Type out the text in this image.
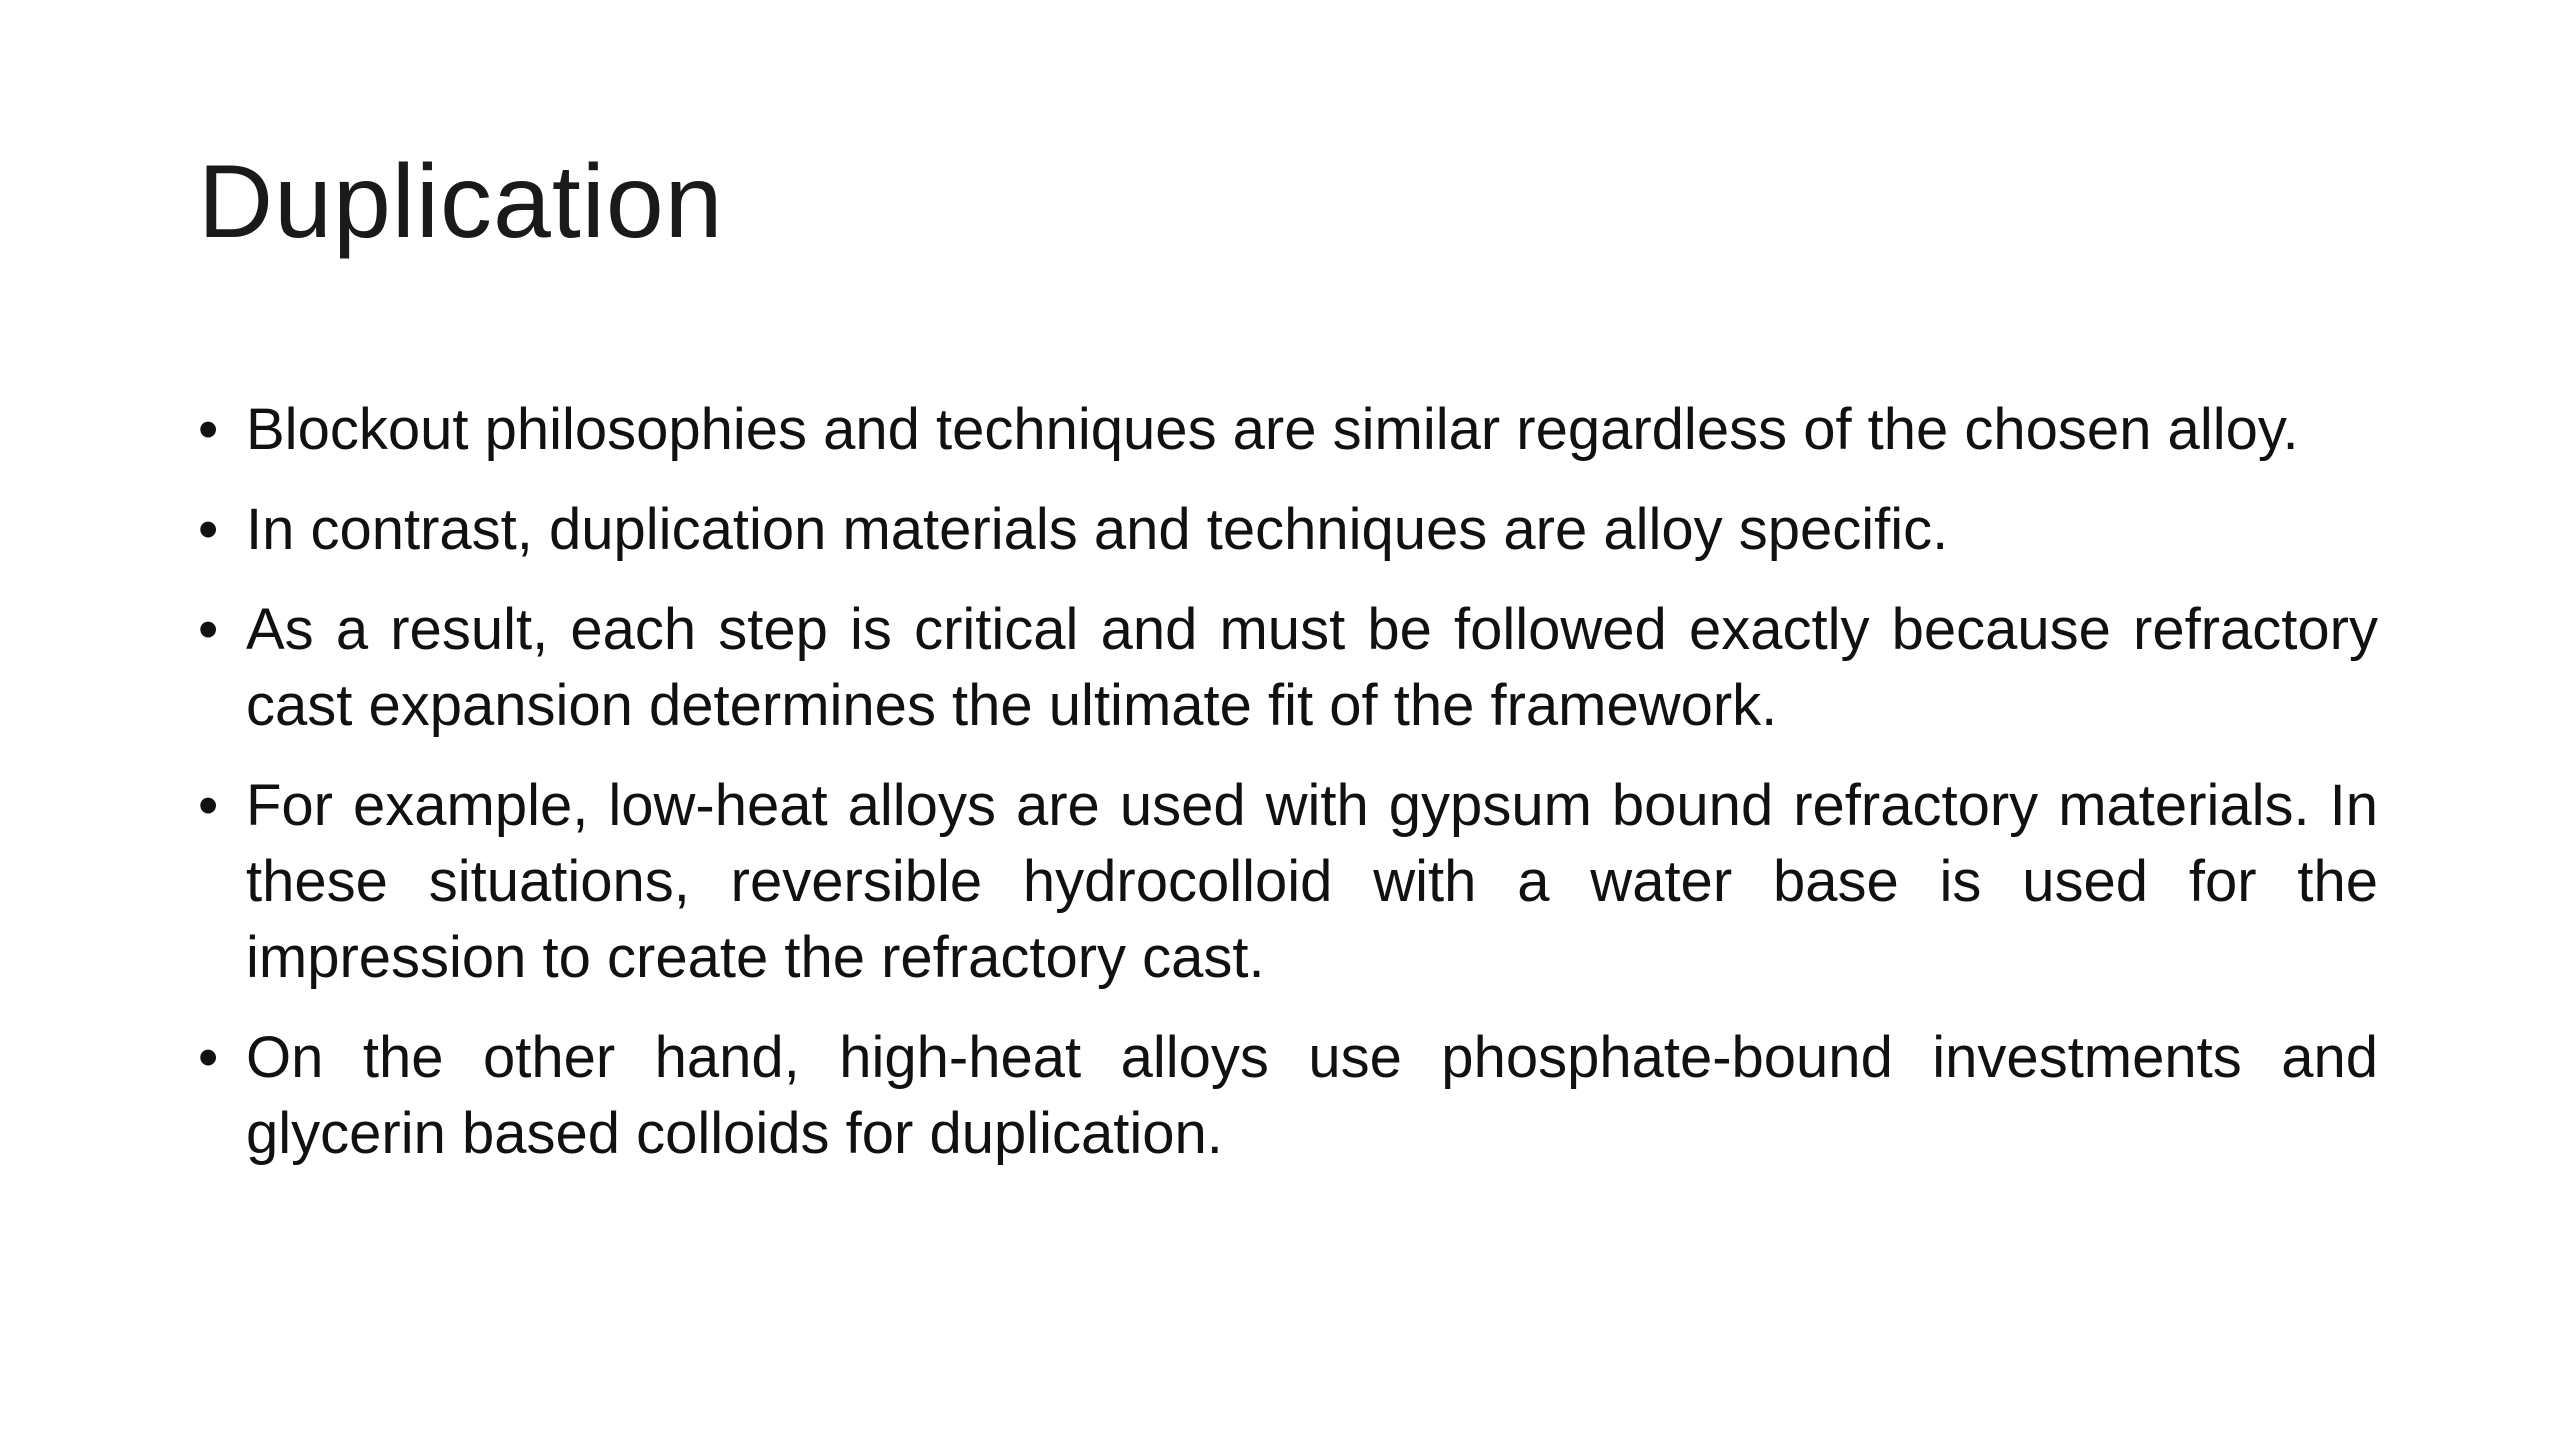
Duplication
• Blockout philosophies and techniques are similar regardless of the chosen alloy.
• In contrast, duplication materials and techniques are alloy specific.
• As a result, each step is critical and must be followed exactly because refractory cast expansion determines the ultimate fit of the framework.
• For example, low-heat alloys are used with gypsum bound refractory materials. In these situations, reversible hydrocolloid with a water base is used for the impression to create the refractory cast.
• On the other hand, high-heat alloys use phosphate-bound investments and glycerin based colloids for duplication.
